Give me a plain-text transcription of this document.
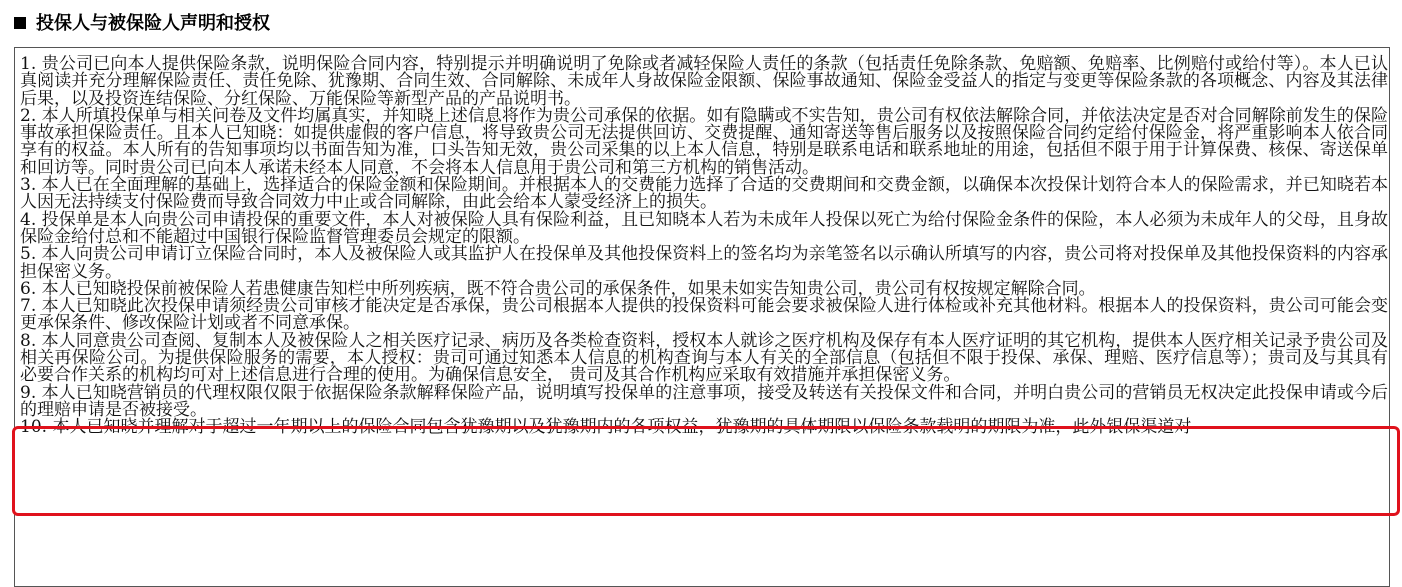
投保人与被保险人声明和授权

1. 贵公司已向本人提供保险条款，说明保险合同内容，特别提示并明确说明了免除或者减轻保险人责任的条款（包括责任免除条款、免赔额、免赔率、比例赔付或给付等）。本人已认真阅读并充分理解保险责任、责任免除、犹豫期、合同生效、合同解除、未成年人身故保险金限额、保险事故通知、保险金受益人的指定与变更等保险条款的各项概念、内容及其法律后果，以及投资连结保险、分红保险、万能保险等新型产品的产品说明书。

2. 本人所填投保单与相关问卷及文件均属真实，并知晓上述信息将作为贵公司承保的依据。如有隐瞒或不实告知，贵公司有权依法解除合同，并依法决定是否对合同解除前发生的保险事故承担保险责任。且本人已知晓：如提供虚假的客户信息，将导致贵公司无法提供回访、交费提醒、通知寄送等售后服务以及按照保险合同约定给付保险金，将严重影响本人依合同享有的权益。本人所有的告知事项均以书面告知为准，口头告知无效，贵公司采集的以上本人信息，特别是联系电话和联系地址的用途，包括但不限于用于计算保费、核保、寄送保单和回访等。同时贵公司已向本人承诺未经本人同意，不会将本人信息用于贵公司和第三方机构的销售活动。

3. 本人已在全面理解的基础上，选择适合的保险金额和保险期间。并根据本人的交费能力选择了合适的交费期间和交费金额，以确保本次投保计划符合本人的保险需求，并已知晓若本人因无法持续支付保险费而导致合同效力中止或合同解除，由此会给本人蒙受经济上的损失。

4. 投保单是本人向贵公司申请投保的重要文件，本人对被保险人具有保险利益，且已知晓本人若为未成年人投保以死亡为给付保险金条件的保险，本人必须为未成年人的父母，且身故保险金给付总和不能超过中国银行保险监督管理委员会规定的限额。

5. 本人向贵公司申请订立保险合同时，本人及被保险人或其监护人在投保单及其他投保资料上的签名均为亲笔签名以示确认所填写的内容，贵公司将对投保单及其他投保资料的内容承担保密义务。

6. 本人已知晓投保前被保险人若患健康告知栏中所列疾病，既不符合贵公司的承保条件，如果未如实告知贵公司，贵公司有权按规定解除合同。

7. 本人已知晓此次投保申请须经贵公司审核才能决定是否承保，贵公司根据本人提供的投保资料可能会要求被保险人进行体检或补充其他材料。根据本人的投保资料，贵公司可能会变更承保条件、修改保险计划或者不同意承保。

8. 本人同意贵公司查阅、复制本人及被保险人之相关医疗记录、病历及各类检查资料，授权本人就诊之医疗机构及保存有本人医疗证明的其它机构，提供本人医疗相关记录予贵公司及相关再保险公司。为提供保险服务的需要，本人授权：贵司可通过知悉本人信息的机构查询与本人有关的全部信息（包括但不限于投保、承保、理赔、医疗信息等）；贵司及与其具有必要合作关系的机构均可对上述信息进行合理的使用。为确保信息安全， 贵司及其合作机构应采取有效措施并承担保密义务。

9. 本人已知晓营销员的代理权限仅限于依据保险条款解释保险产品，说明填写投保单的注意事项，接受及转送有关投保文件和合同，并明白贵公司的营销员无权决定此投保申请或今后的理赔申请是否被接受。

10. 本人已知晓并理解对于超过一年期以上的保险合同包含犹豫期以及犹豫期内的各项权益，犹豫期的具体期限以保险条款载明的期限为准，此外银保渠道对
